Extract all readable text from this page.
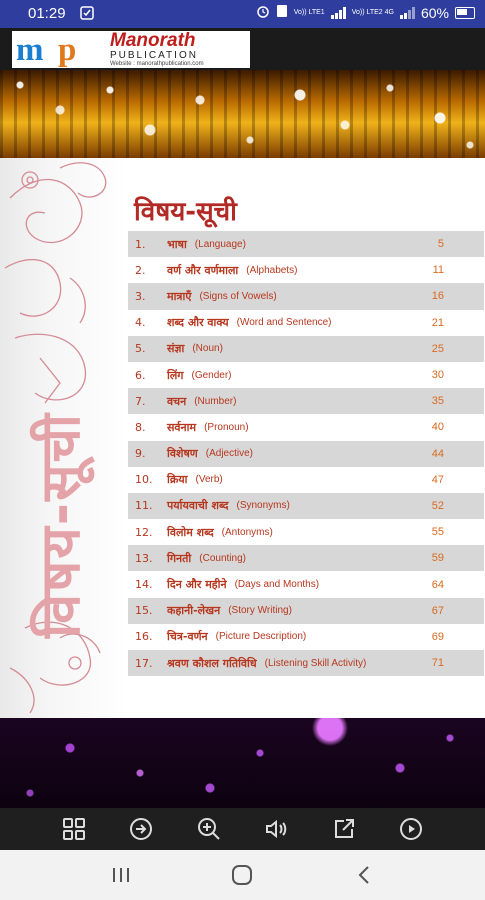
01:29	Vo)) LTE1	Vo)) LTE2 4G 60%
m p Manorath
PUBLICATION
Website : manorathpublication.com
विषय-सूची
विषय-सूची
1.	भाषा (Language)	5
2.	वर्ण और वर्णमाला (Alphabets)	11
3.	मात्राएँ (Signs of Vowels)	16
4.	शब्द और वाक्य (Word and Sentence)	21
5.	संज्ञा (Noun)	25
6.	लिंग (Gender)	30
7.	वचन (Number)	35
8.	सर्वनाम (Pronoun)	40
9.	विशेषण (Adjective)	44
10.	क्रिया (Verb)	47
11.	पर्यायवाची शब्द (Synonyms)	52
12.	विलोम शब्द (Antonyms)	55
13.	गिनती (Counting)	59
14.	दिन और महीने (Days and Months)	64
15.	कहानी-लेखन (Story Writing)	67
16.	चित्र-वर्णन (Picture Description)	69
17.	श्रवण कौशल गतिविधि (Listening Skill Activity)	71
